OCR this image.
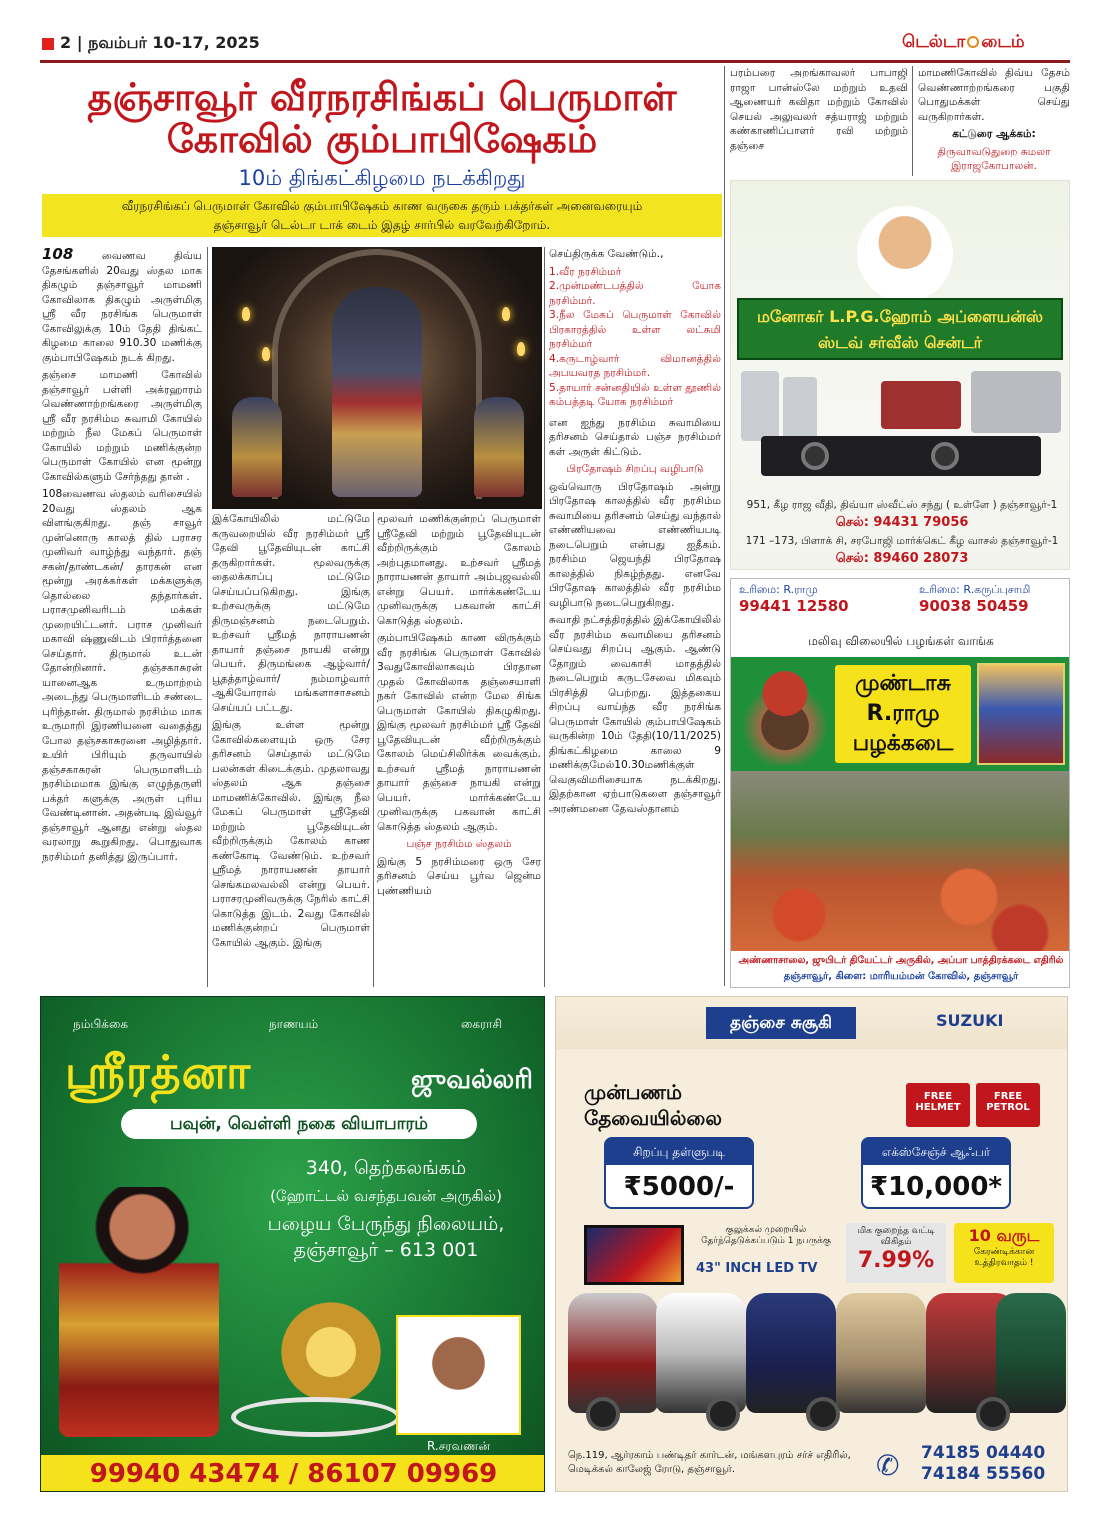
2 | நவம்பர் 10-17, 2025	டெல்டா டைம்
தஞ்சாவூர் வீரநரசிங்கப் பெருமாள்
கோவில் கும்பாபிஷேகம்
10ம் திங்கட்கிழமை நடக்கிறது
வீரநரசிங்கப் பெருமாள் கோவில் கும்பாபிஷேகம் காண வருகை தரும் பக்தர்கள் அனைவரையும்
தஞ்சாவூர் டெல்டா டாக் டைம் இதழ் சார்பில் வரவேற்கிறோம்.

108 வைணவ திவ்ய தேசங்களில் 20வது ஸ்தல மாக திகழும் தஞ்சாவூர் மாமணி கோவிலாக திகழும் அருள்மிகு ஸ்ரீ வீர நரசிங்க பெருமாள் கோவிலுக்கு 10ம் தேதி திங்கட் கிழமை காலை 910.30 மணிக்கு கும்பாபிஷேகம் நடக் கிறது.

தஞ்சை மாமணி கோவில் தஞ்சாவூர் பள்ளி அக்ரஹாரம் வெண்ணாற்றங்கரை அருள்மிகு ஸ்ரீ வீர நரசிம்ம சுவாமி கோயில் மற்றும் நீல மேகப் பெருமாள் கோயில் மற்றும் மணிக்குன்ற பெருமாள் கோயில் என மூன்று கோவில்களும் சேர்ந்தது தான் .

108வைணவ ஸ்தலம் வரிசையில் 20வது ஸ்தலம் ஆக விளங்குகிறது. தஞ் சாவூர் முன்னொரு காலத் தில் பராசர முனிவர் வாழ்ந்து வந்தார். தஞ் சகன்/தாண்டகன்/ தாரகன் என மூன்று அரக்கர்கள் மக்களுக்கு தொல்லை தந்தார்கள். பராசமுனிவரிடம் மக்கள் முறையிட்டனர். பராச முனிவர் மகாவி ஷ்ணுவிடம் பிரார்த்தனை செய்தார். திருமால் உடன் தோன்றினார். தஞ்சகாசுரன் யானைஆக உருமாற்றம் அடைந்து பெருமாளிடம் சண்டை புரிந்தான். திருமால் நரசிம்ம மாக உருமாறி இரணியனை வதைத்து போல தஞ்சகாசுரனை அழித்தார். உயிர் பிரியும் தருவாயில் தஞ்சகாசுரன் பெருமாளிடம் நரசிம்மமாக இங்கு எழுந்தருளி பக்தர் களுக்கு அருள் புரிய வேண்டினான். அதன்படி இவ்வூர் தஞ்சாவூர் ஆனது என்று ஸ்தல வரலாறு கூறுகிறது. பொதுவாக நரசிம்மர் தனித்து இருப்பார்.

இக்கோயிலில் மட்டுமே கருவறையில் வீர நரசிம்மர் ஸ்ரீ தேவி பூதேவியுடன் காட்சி தருகிறார்கள். மூலவருக்கு தைலக்காப்பு மட்டுமே செய்யப்படுகிறது. இங்கு உற்சவருக்கு மட்டுமே திருமஞ்சனம் நடைபெறும். உற்சவர் ஸ்ரீமத் நாராயணன் தாயார் தஞ்சை நாயகி என்று பெயர். திருமங்கை ஆழ்வார்/ பூதத்தாழ்வார்/ நம்மாழ்வார் ஆகியோரால் மங்களாசாசனம் செய்யப் பட்டது.

இங்கு உள்ள மூன்று கோவில்களையும் ஒரு சேர தரிசனம் செய்தால் மட்டுமே பலன்கள் கிடைக்கும். முதலாவது ஸ்தலம் ஆக தஞ்சை மாமணிக்கோவில். இங்கு நீல மேகப் பெருமாள் ஸ்ரீதேவி மற்றும் பூதேவியுடன் வீற்றிருக்கும் கோலம் காண கண்கோடி வேண்டும். உற்சவர் ஸ்ரீமத் நாராயணன் தாயார் செங்கமலவல்லி என்று பெயர். பராசரமுனிவருக்கு நேரில் காட்சி கொடுத்த இடம். 2வது கோவில் மணிக்குன்றப் பெருமாள் கோயில் ஆகும். இங்கு

மூலவர் மணிக்குன்றப் பெருமாள் ஸ்ரீதேவி மற்றும் பூதேவியுடன் வீற்றிருக்கும் கோலம் அற்புதமானது. உற்சவர் ஸ்ரீமத் நாராயணன் தாயார் அம்புஜவல்லி என்று பெயர். மார்க்கண்டேய முனிவருக்கு பகவான் காட்சி கொடுத்த ஸ்தலம்.

கும்பாபிஷேகம் காண விருக்கும் வீர நரசிங்க பெருமாள் கோவில் 3வதுகோவிலாகவும் பிரதான முதல் கோவிலாக தஞ்சையாளி நகர் கோவில் என்ற மேல சிங்க பெருமாள் கோயில் திகழுகிறது. இங்கு மூலவர் நரசிம்மர் ஸ்ரீ தேவி பூதேவியுடன் வீற்றிருக்கும் கோலம் மெய்சிலிர்க்க வைக்கும். உற்சவர் ஸ்ரீமத் நாராயணன் தாயார் தஞ்சை நாயகி என்று பெயர். மார்க்கண்டேய முனிவருக்கு பகவான் காட்சி கொடுத்த ஸ்தலம் ஆகும்.

பஞ்ச நரசிம்ம ஸ்தலம்

இங்கு 5 நரசிம்மரை ஒரு சேர தரிசனம் செய்ய பூர்வ ஜென்ம புண்ணியம்

செய்திருக்க வேண்டும்.,

1.வீர நரசிம்மர்
2.முன்மண்டபத்தில் யோக நரசிம்மர்.
3.நீல மேகப் பெருமாள் கோவில் பிரகாரத்தில் உள்ள லட்சுமி நரசிம்மர்
4.கருடாழ்வார் விமானத்தில் அபயவரத நரசிம்மர்.
5.தாயார் சன்னதியில் உள்ள தூணில் கம்பத்தடி யோக நரசிம்மர்

என ஐந்து நரசிம்ம சுவாமியை தரிசனம் செய்தால் பஞ்ச நரசிம்மர் கள் அருள் கிட்டும்.

பிரதோஷம் சிறப்பு வழிபாடு

ஒவ்வொரு பிரதோஷம் அன்று பிரதோஷ காலத்தில் வீர நரசிம்ம சுவாமியை தரிசனம் செய்து வந்தால் எண்ணியவை எண்ணியபடி நடைபெறும் என்பது ஐதீகம். நரசிம்ம ஜெயந்தி பிரதோஷ காலத்தில் நிகழ்ந்தது. எனவே பிரதோஷ காலத்தில் வீர நரசிம்ம வழிபாடு நடைபெறுகிறது.

சுவாதி நட்சத்திரத்தில் இக்கோயிலில் வீர நரசிம்ம சுவாமியை தரிசனம் செய்வது சிறப்பு ஆகும். ஆண்டு தோறும் வைகாசி மாதத்தில் நடைபெறும் கருடசேவை மிகவும் பிரசித்தி பெற்றது. இத்தகைய சிறப்பு வாய்ந்த வீர நரசிங்க பெருமாள் கோயில் கும்பாபிஷேகம் வருகின்ற 10ம் தேதி(10/11/2025) திங்கட்கிழமை காலை 9 மணிக்குமேல்10.30மணிக்குள் வெகுவிமரிசையாக நடக்கிறது. இதற்கான ஏற்பாடுகளை தஞ்சாவூர் அரண்மனை தேவஸ்தானம்

பரம்பரை அறங்காவலர் பாபாஜி ராஜா பான்ஸ்லே மற்றும் உதவி ஆணையர் கவிதா மற்றும் கோவில் செயல் அலுவலர் சத்யராஜ் மற்றும் கண்காணிப்பாளர் ரவி மற்றும் தஞ்சை

மாமணிகோவில் திவ்ய தேசம் வெண்ணாற்றங்கரை பகுதி பொதுமக்கள் செய்து வருகிறார்கள்.

கட்டுரை ஆக்கம்:

திருவாவடுதுறை சுமலா இராஜகோபாலன்.

மனோகர் L.P.G.ஹோம் அப்ளையன்ஸ்
ஸ்டவ் சர்வீஸ் சென்டர்
951, கீழ ராஜ வீதி, திவ்யா ஸ்வீட்ஸ் சந்து ( உள்ளே ) தஞ்சாவூர்-1
செல்: 94431 79056
171 –173, பிளாக் சி, சரபோஜி மார்க்கெட் கீழ வாசல் தஞ்சாவூர்-1
செல்: 89460 28073
உரிமை: R.ராமு
99441 12580
உரிமை: R.கருப்புசாமி
90038 50459
மலிவு விலையில் பழங்கள் வாங்க
முண்டாசு
R.ராமு
பழக்கடை
அண்ணாசாலை, ஜுபிடர் தியேட்டர் அருகில், அப்பா பாத்திரக்கடை எதிரில்
தஞ்சாவூர், கிளை: மாரியம்மன் கோவில், தஞ்சாவூர்
நம்பிக்கை	நாணயம்	கைராசி
ஸ்ரீரத்னா	ஜுவல்லரி
பவுன், வெள்ளி நகை வியாபாரம்
340, தெற்கலங்கம்
(ஹோட்டல் வசந்தபவன் அருகில்)
பழைய பேருந்து நிலையம்,
தஞ்சாவூர் – 613 001
R.சரவணன்
99940 43474 / 86107 09969
தஞ்சை சுசூகி	SUZUKI
முன்பணம்
தேவையில்லை
FREE HELMET
FREE PETROL
சிறப்பு தள்ளுபடி
₹5000/-
எக்ஸ்சேஞ்ச் ஆஃபர்
₹10,000*
குலுக்கல் முறையில் தேர்ந்தெடுக்கப்படும் 1 நபருக்கு
43" INCH LED TV
மிக குறைந்த வட்டி விகிதம்
7.99%
10 வருட
கேரண்டிக்கான உத்திரவாதம் !
நெ.119, ஆர்ரகாம் பண்டிதர் கார்டன், மங்களபுரம் சர்ச் எதிரில்,
மெடிக்கல் காலேஜ் ரோடு, தஞ்சாவூர்.	✆ 74185 04440
74184 55560
